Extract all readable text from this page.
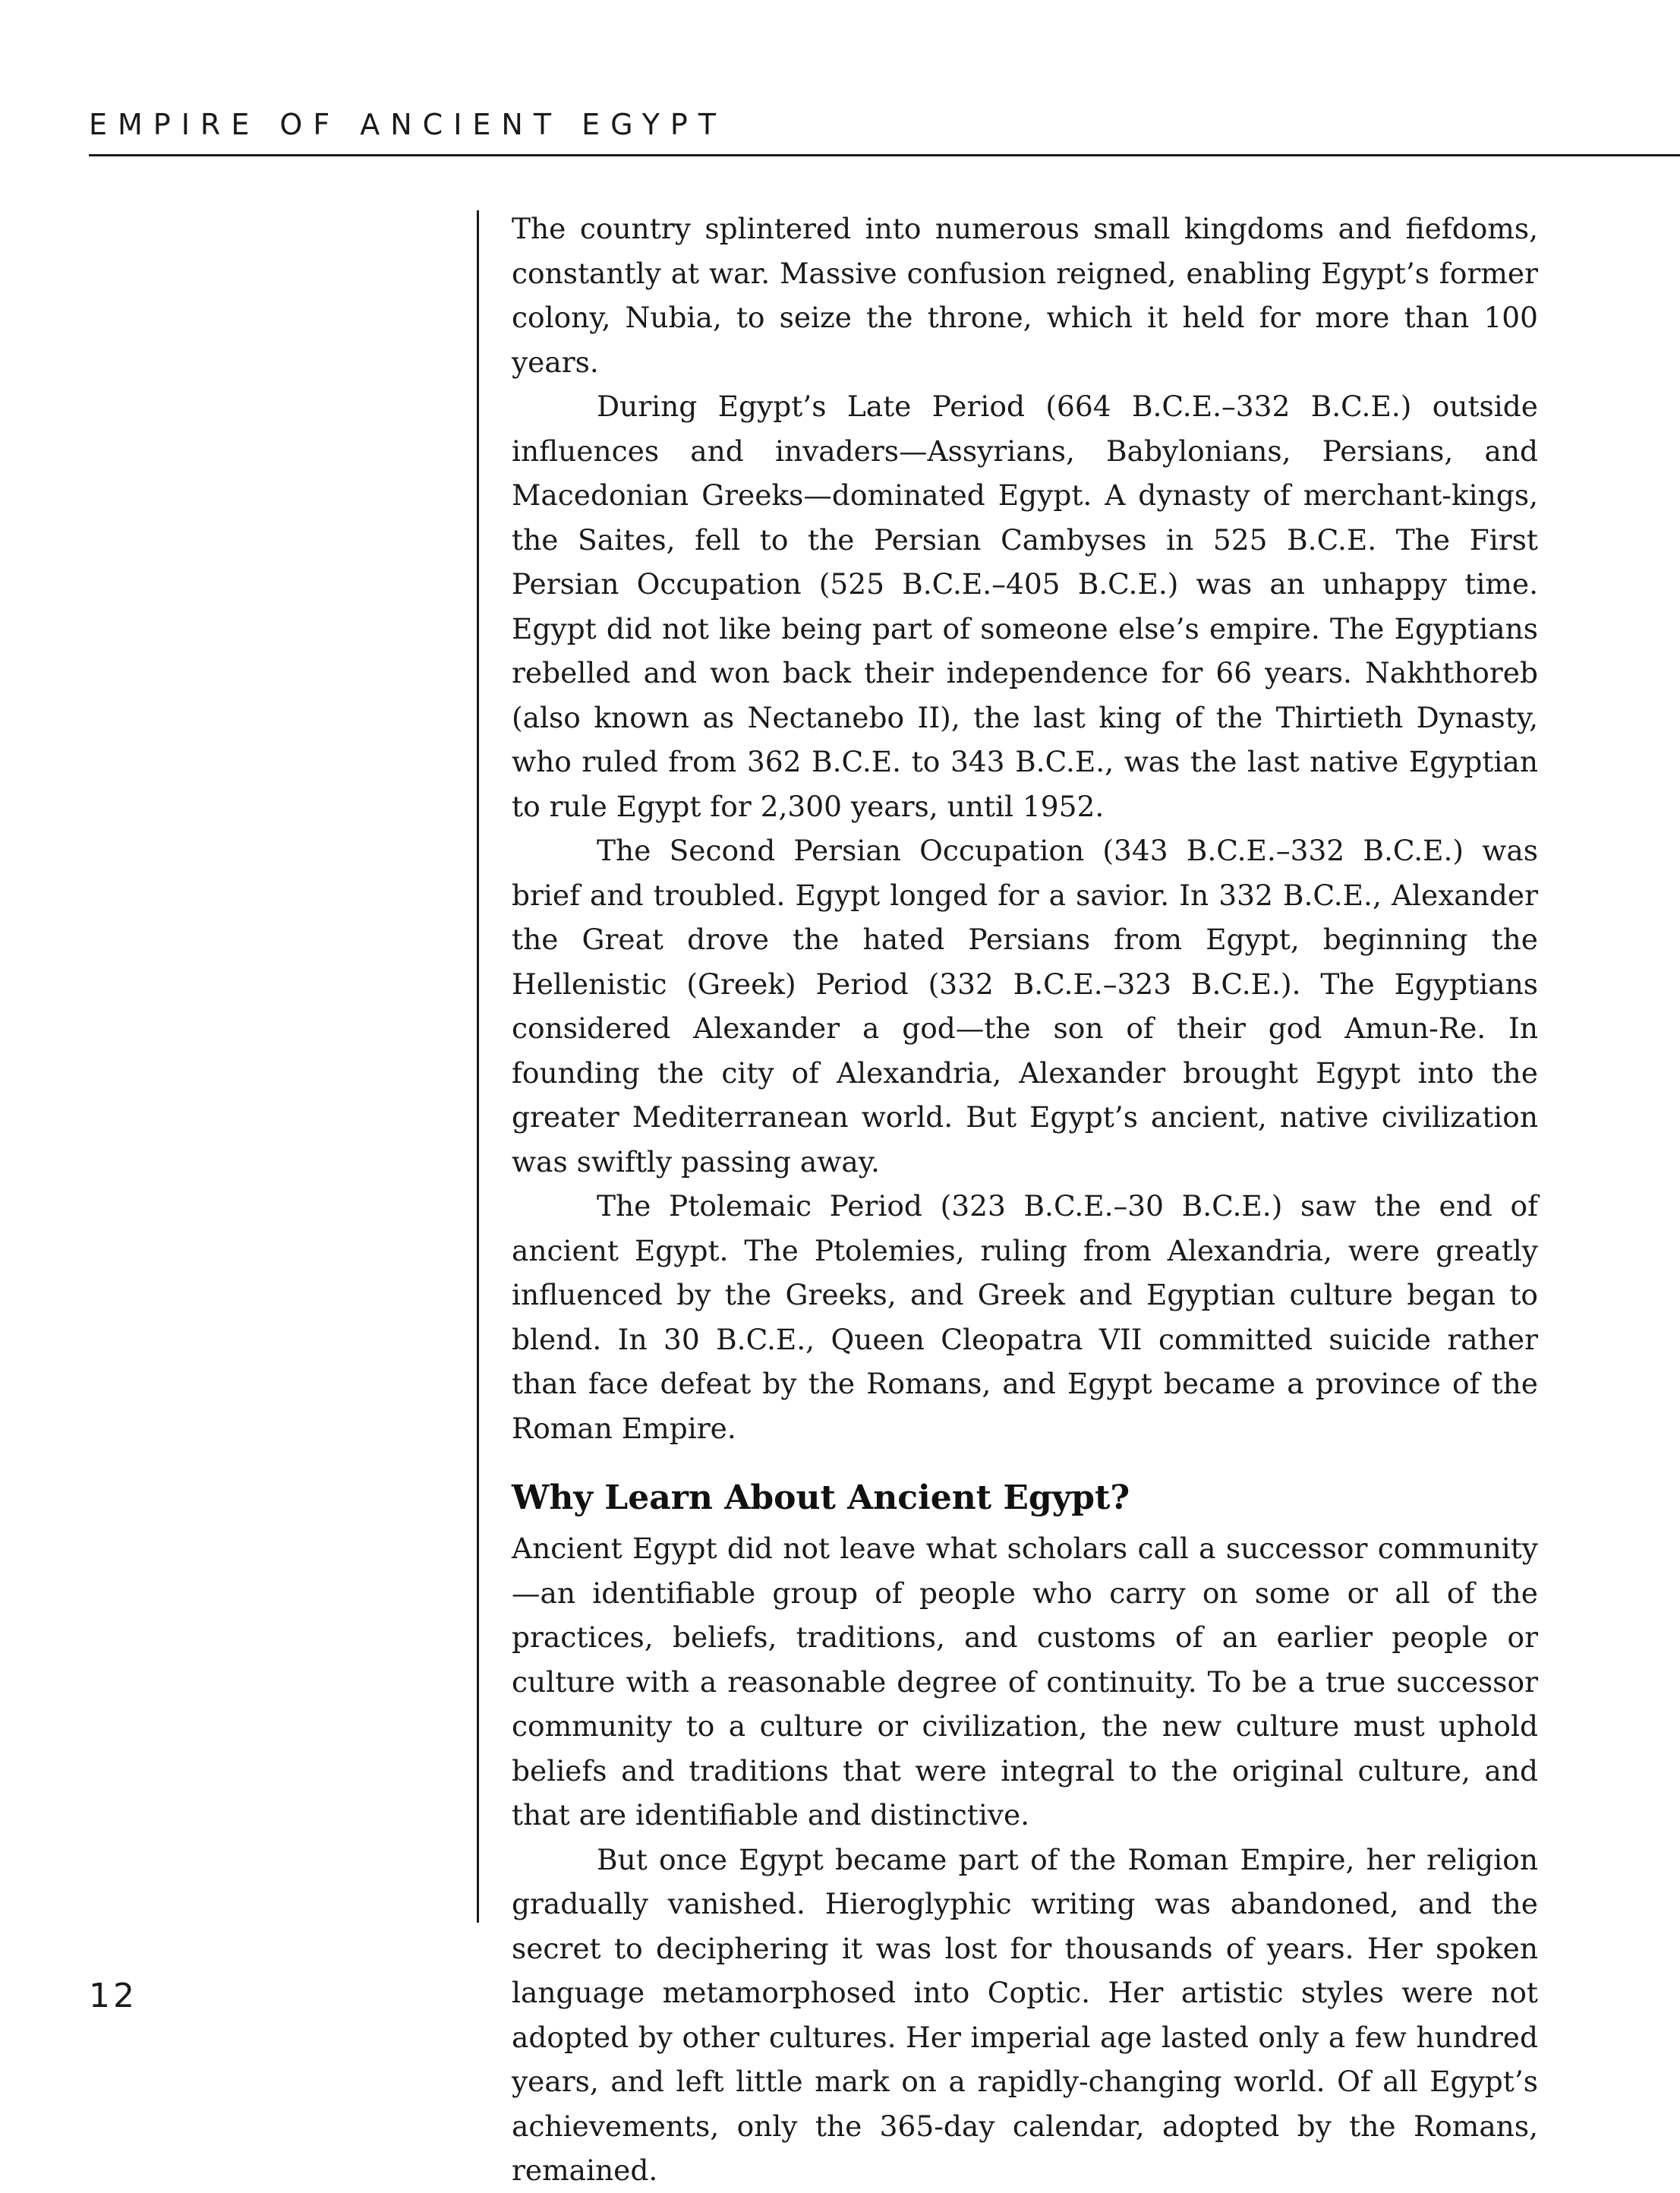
EMPIRE OF ANCIENT EGYPT

The country splintered into numerous small kingdoms and fiefdoms, constantly at war. Massive confusion reigned, enabling Egypt’s former colony, Nubia, to seize the throne, which it held for more than 100 years.

During Egypt’s Late Period (664 B.C.E.–332 B.C.E.) outside influences and invaders—Assyrians, Babylonians, Persians, and Macedonian Greeks—dominated Egypt. A dynasty of merchant-kings, the Saites, fell to the Persian Cambyses in 525 B.C.E. The First Persian Occupation (525 B.C.E.–405 B.C.E.) was an unhappy time. Egypt did not like being part of someone else’s empire. The Egyptians rebelled and won back their independence for 66 years. Nakhthoreb (also known as Nectanebo II), the last king of the Thirtieth Dynasty, who ruled from 362 B.C.E. to 343 B.C.E., was the last native Egyptian to rule Egypt for 2,300 years, until 1952.

The Second Persian Occupation (343 B.C.E.–332 B.C.E.) was brief and troubled. Egypt longed for a savior. In 332 B.C.E., Alexander the Great drove the hated Persians from Egypt, beginning the Hellenistic (Greek) Period (332 B.C.E.–323 B.C.E.). The Egyptians considered Alexander a god—the son of their god Amun-Re. In founding the city of Alexandria, Alexander brought Egypt into the greater Mediterranean world. But Egypt’s ancient, native civilization was swiftly passing away.

The Ptolemaic Period (323 B.C.E.–30 B.C.E.) saw the end of ancient Egypt. The Ptolemies, ruling from Alexandria, were greatly influenced by the Greeks, and Greek and Egyptian culture began to blend. In 30 B.C.E., Queen Cleopatra VII committed suicide rather than face defeat by the Romans, and Egypt became a province of the Roman Empire.

Why Learn About Ancient Egypt?

Ancient Egypt did not leave what scholars call a successor community—an identifiable group of people who carry on some or all of the practices, beliefs, traditions, and customs of an earlier people or culture with a reasonable degree of continuity. To be a true successor community to a culture or civilization, the new culture must uphold beliefs and traditions that were integral to the original culture, and that are identifiable and distinctive.

But once Egypt became part of the Roman Empire, her religion gradually vanished. Hieroglyphic writing was abandoned, and the secret to deciphering it was lost for thousands of years. Her spoken language metamorphosed into Coptic. Her artistic styles were not adopted by other cultures. Her imperial age lasted only a few hundred years, and left little mark on a rapidly-changing world. Of all Egypt’s achievements, only the 365-day calendar, adopted by the Romans, remained.

12
